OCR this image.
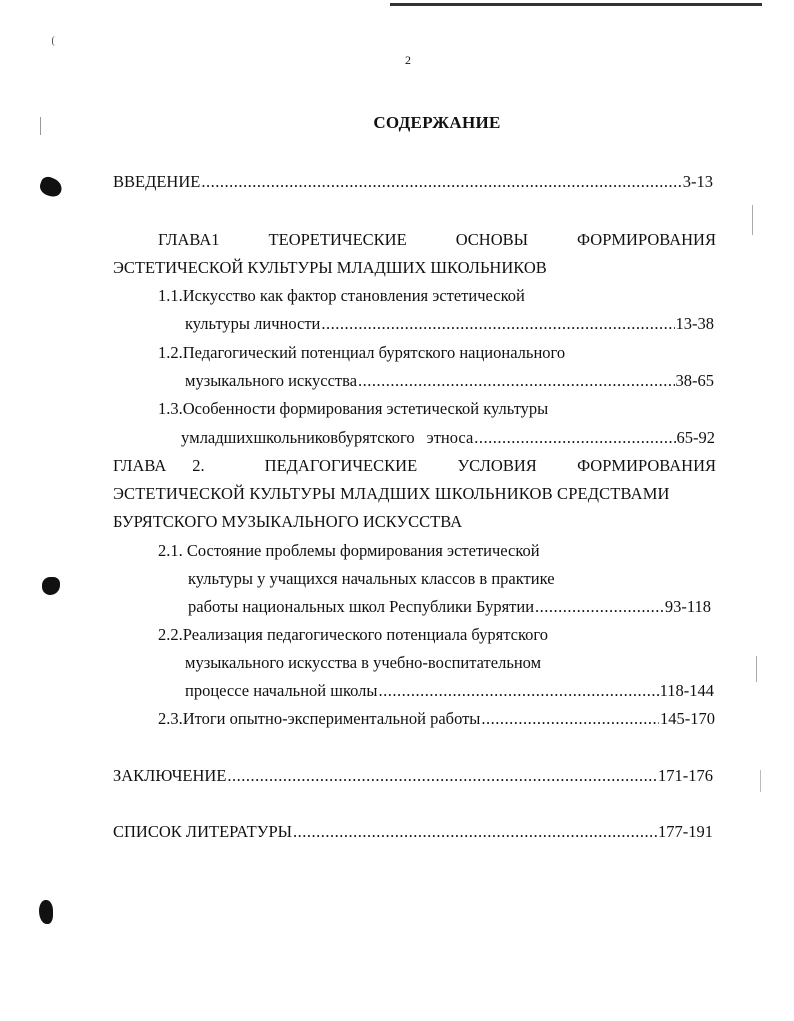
2
СОДЕРЖАНИЕ
ВВЕДЕНИЕ .....	3-13
ГЛАВА1	ТЕОРЕТИЧЕСКИЕ	ОСНОВЫ	ФОРМИРОВАНИЯ
ЭСТЕТИЧЕСКОЙ КУЛЬТУРЫ МЛАДШИХ ШКОЛЬНИКОВ
1.1.Искусство как фактор становления эстетической
культуры личности .....	13-38
1.2.Педагогический потенциал бурятского национального
музыкального искусства .....	38-65
1.3.Особенности формирования эстетической культуры
у младших школьников бурятского этноса .....	65-92
ГЛАВА 2.	ПЕДАГОГИЧЕСКИЕ УСЛОВИЯ ФОРМИРОВАНИЯ
ЭСТЕТИЧЕСКОЙ КУЛЬТУРЫ МЛАДШИХ ШКОЛЬНИКОВ СРЕДСТВАМИ
БУРЯТСКОГО МУЗЫКАЛЬНОГО ИСКУССТВА
2.1. Состояние проблемы формирования эстетической
культуры у учащихся начальных классов в практике
работы национальных школ Республики Бурятии .....	93-118
2.2.Реализация педагогического потенциала бурятского
музыкального искусства в учебно-воспитательном
процессе начальной школы .....	118-144
2.3.Итоги опытно-экспериментальной работы .....	145-170
ЗАКЛЮЧЕНИЕ .....	171-176
СПИСОК ЛИТЕРАТУРЫ .....	177-191
